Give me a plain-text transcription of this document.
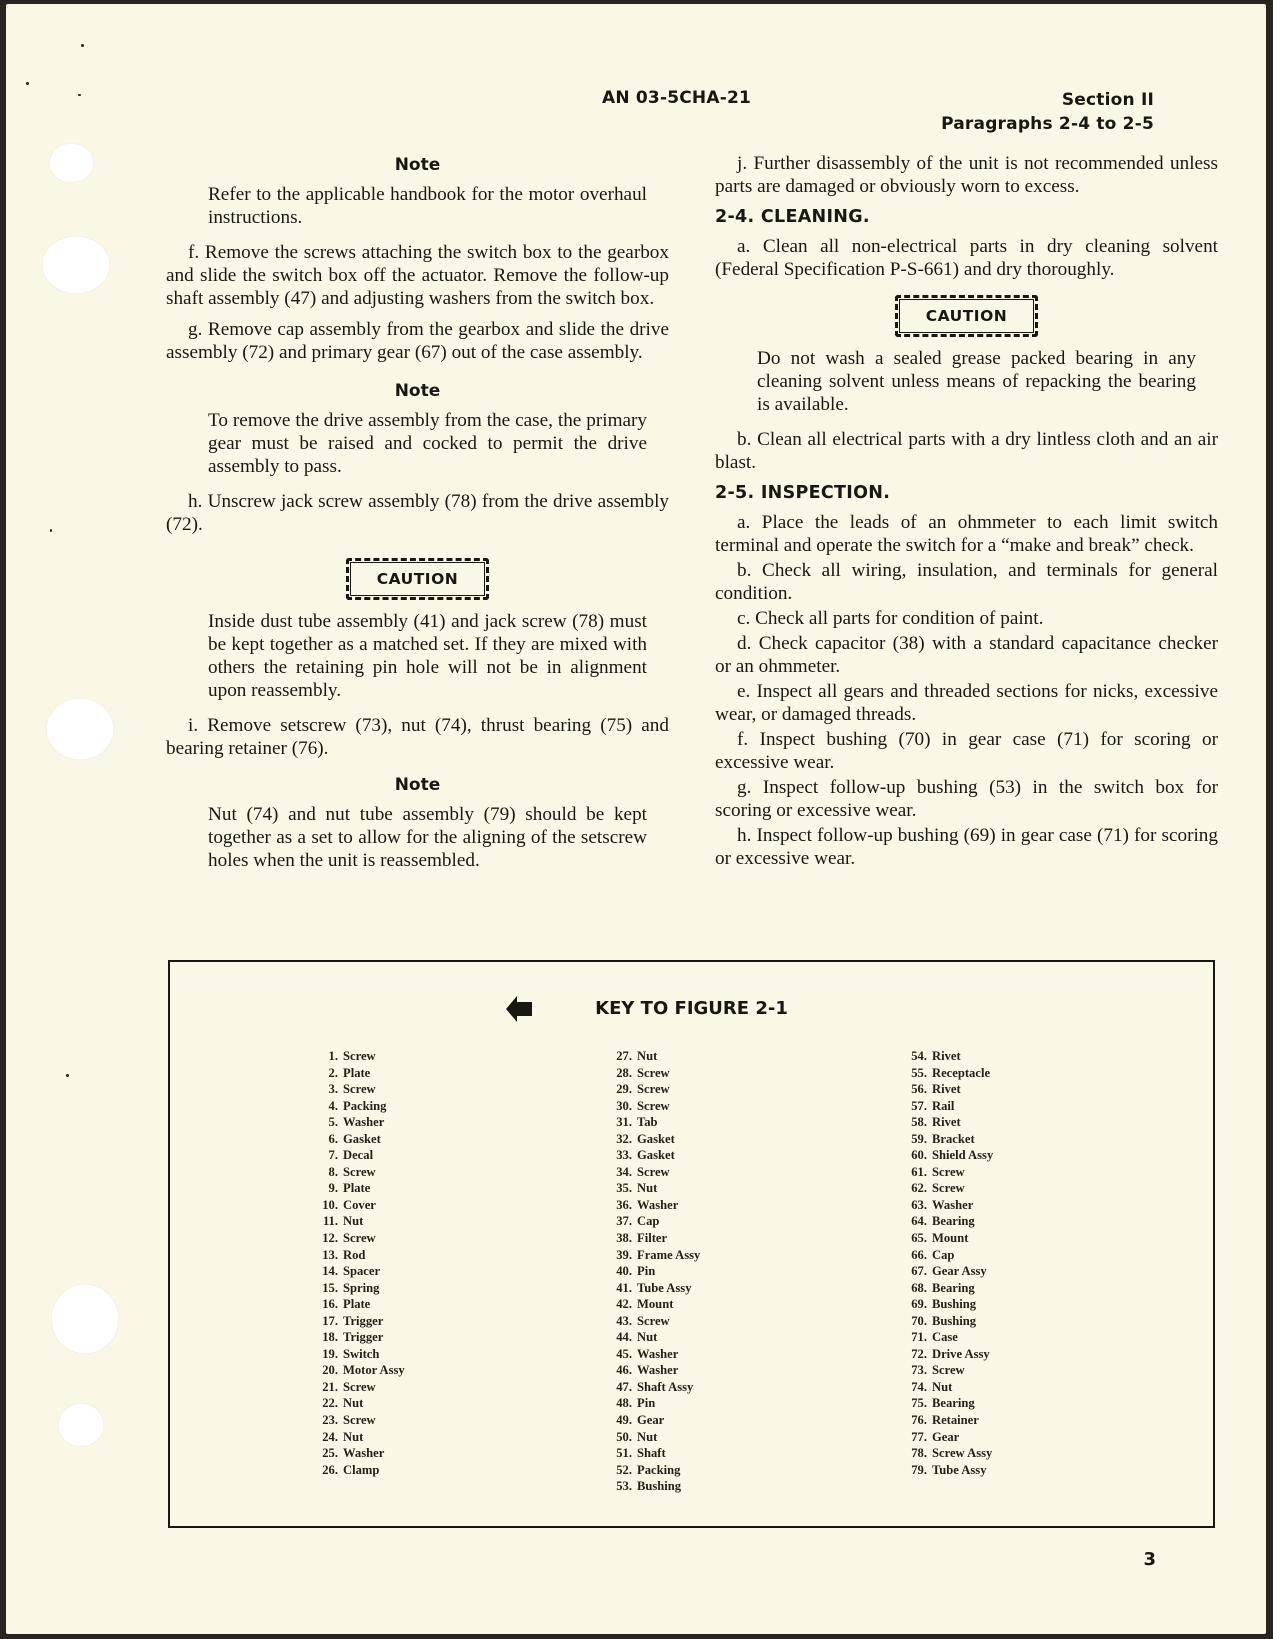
AN 03-5CHA-21	Section II
Paragraphs 2-4 to 2-5
Note
Refer to the applicable handbook for the motor overhaul instructions.

f. Remove the screws attaching the switch box to the gearbox and slide the switch box off the actuator. Remove the follow-up shaft assembly (47) and adjusting washers from the switch box.

g. Remove cap assembly from the gearbox and slide the drive assembly (72) and primary gear (67) out of the case assembly.

Note
To remove the drive assembly from the case, the primary gear must be raised and cocked to permit the drive assembly to pass.

h. Unscrew jack screw assembly (78) from the drive assembly (72).

CAUTION
Inside dust tube assembly (41) and jack screw (78) must be kept together as a matched set. If they are mixed with others the retaining pin hole will not be in alignment upon reassembly.

i. Remove setscrew (73), nut (74), thrust bearing (75) and bearing retainer (76).

Note
Nut (74) and nut tube assembly (79) should be kept together as a set to allow for the aligning of the setscrew holes when the unit is reassembled.

j. Further disassembly of the unit is not recommended unless parts are damaged or obviously worn to excess.

2-4. CLEANING.

a. Clean all non-electrical parts in dry cleaning solvent (Federal Specification P-S-661) and dry thoroughly.

CAUTION
Do not wash a sealed grease packed bearing in any cleaning solvent unless means of repacking the bearing is available.

b. Clean all electrical parts with a dry lintless cloth and an air blast.

2-5. INSPECTION.

a. Place the leads of an ohmmeter to each limit switch terminal and operate the switch for a “make and break” check.

b. Check all wiring, insulation, and terminals for general condition.

c. Check all parts for condition of paint.

d. Check capacitor (38) with a standard capacitance checker or an ohmmeter.

e. Inspect all gears and threaded sections for nicks, excessive wear, or damaged threads.

f. Inspect bushing (70) in gear case (71) for scoring or excessive wear.

g. Inspect follow-up bushing (53) in the switch box for scoring or excessive wear.

h. Inspect follow-up bushing (69) in gear case (71) for scoring or excessive wear.

KEY TO FIGURE 2-1
1. Screw
2. Plate
3. Screw
4. Packing
5. Washer
6. Gasket
7. Decal
8. Screw
9. Plate
10. Cover
11. Nut
12. Screw
13. Rod
14. Spacer
15. Spring
16. Plate
17. Trigger
18. Trigger
19. Switch
20. Motor Assy
21. Screw
22. Nut
23. Screw
24. Nut
25. Washer
26. Clamp
27. Nut
28. Screw
29. Screw
30. Screw
31. Tab
32. Gasket
33. Gasket
34. Screw
35. Nut
36. Washer
37. Cap
38. Filter
39. Frame Assy
40. Pin
41. Tube Assy
42. Mount
43. Screw
44. Nut
45. Washer
46. Washer
47. Shaft Assy
48. Pin
49. Gear
50. Nut
51. Shaft
52. Packing
53. Bushing
54. Rivet
55. Receptacle
56. Rivet
57. Rail
58. Rivet
59. Bracket
60. Shield Assy
61. Screw
62. Screw
63. Washer
64. Bearing
65. Mount
66. Cap
67. Gear Assy
68. Bearing
69. Bushing
70. Bushing
71. Case
72. Drive Assy
73. Screw
74. Nut
75. Bearing
76. Retainer
77. Gear
78. Screw Assy
79. Tube Assy
3
